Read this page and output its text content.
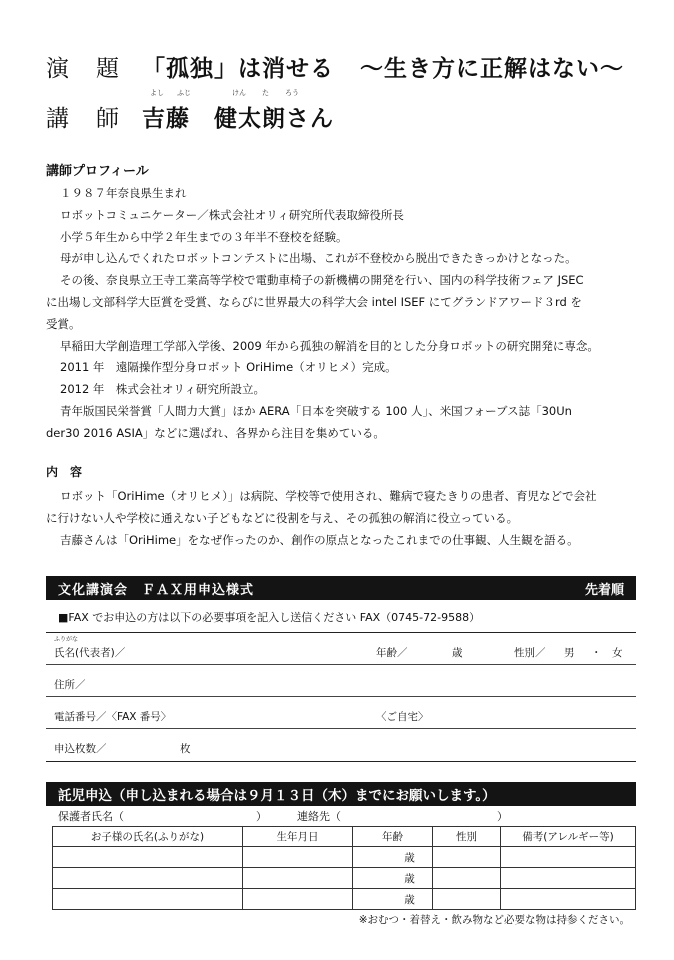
演　題 「孤独」は消せる ～生き方に正解はない～
よし ふじ	けん た ろう
講　師 吉藤　健太朗さん
講師プロフィール

１９８７年奈良県生まれ

ロボットコミュニケーター／株式会社オリィ研究所代表取締役所長

小学５年生から中学２年生までの３年半不登校を経験。

母が申し込んでくれたロボットコンテストに出場、これが不登校から脱出できたきっかけとなった。

その後、奈良県立王寺工業高等学校で電動車椅子の新機構の開発を行い、国内の科学技術フェア JSEC

に出場し文部科学大臣賞を受賞、ならびに世界最大の科学大会 intel ISEF にてグランドアワード３rd を

受賞。

早稲田大学創造理工学部入学後、2009 年から孤独の解消を目的とした分身ロボットの研究開発に専念。

2011 年　遠隔操作型分身ロボット OriHime（オリヒメ）完成。

2012 年　株式会社オリィ研究所設立。

青年版国民栄誉賞「人間力大賞」ほか AERA「日本を突破する 100 人」、米国フォーブス誌「30Un

der30 2016 ASIA」などに選ばれ、各界から注目を集めている。

内　容

ロボット「OriHime（オリヒメ）」は病院、学校等で使用され、難病で寝たきりの患者、育児などで会社

に行けない人や学校に通えない子どもなどに役割を与え、その孤独の解消に役立っている。

吉藤さんは「OriHime」をなぜ作ったのか、創作の原点となったこれまでの仕事観、人生観を語る。

文化講演会　ＦＡＸ用申込様式	先着順
■FAX でお申込の方は以下の必要事項を記入し送信ください FAX（0745-72-9588）
ふりがな
氏名(代表者)／	年齢／	歳	性別／ 男 ・ 女
住所／
電話番号／〈FAX 番号〉	〈ご自宅〉
申込枚数／	枚
託児申込（申し込まれる場合は９月１３日（木）までにお願いします。）
保護者氏名（	）	連絡先（	）
お子様の氏名(ふりがな)	生年月日	年齢	性別	備考(アレルギー等)
		歳		
		歳		
		歳		
※おむつ・着替え・飲み物など必要な物は持参ください。
